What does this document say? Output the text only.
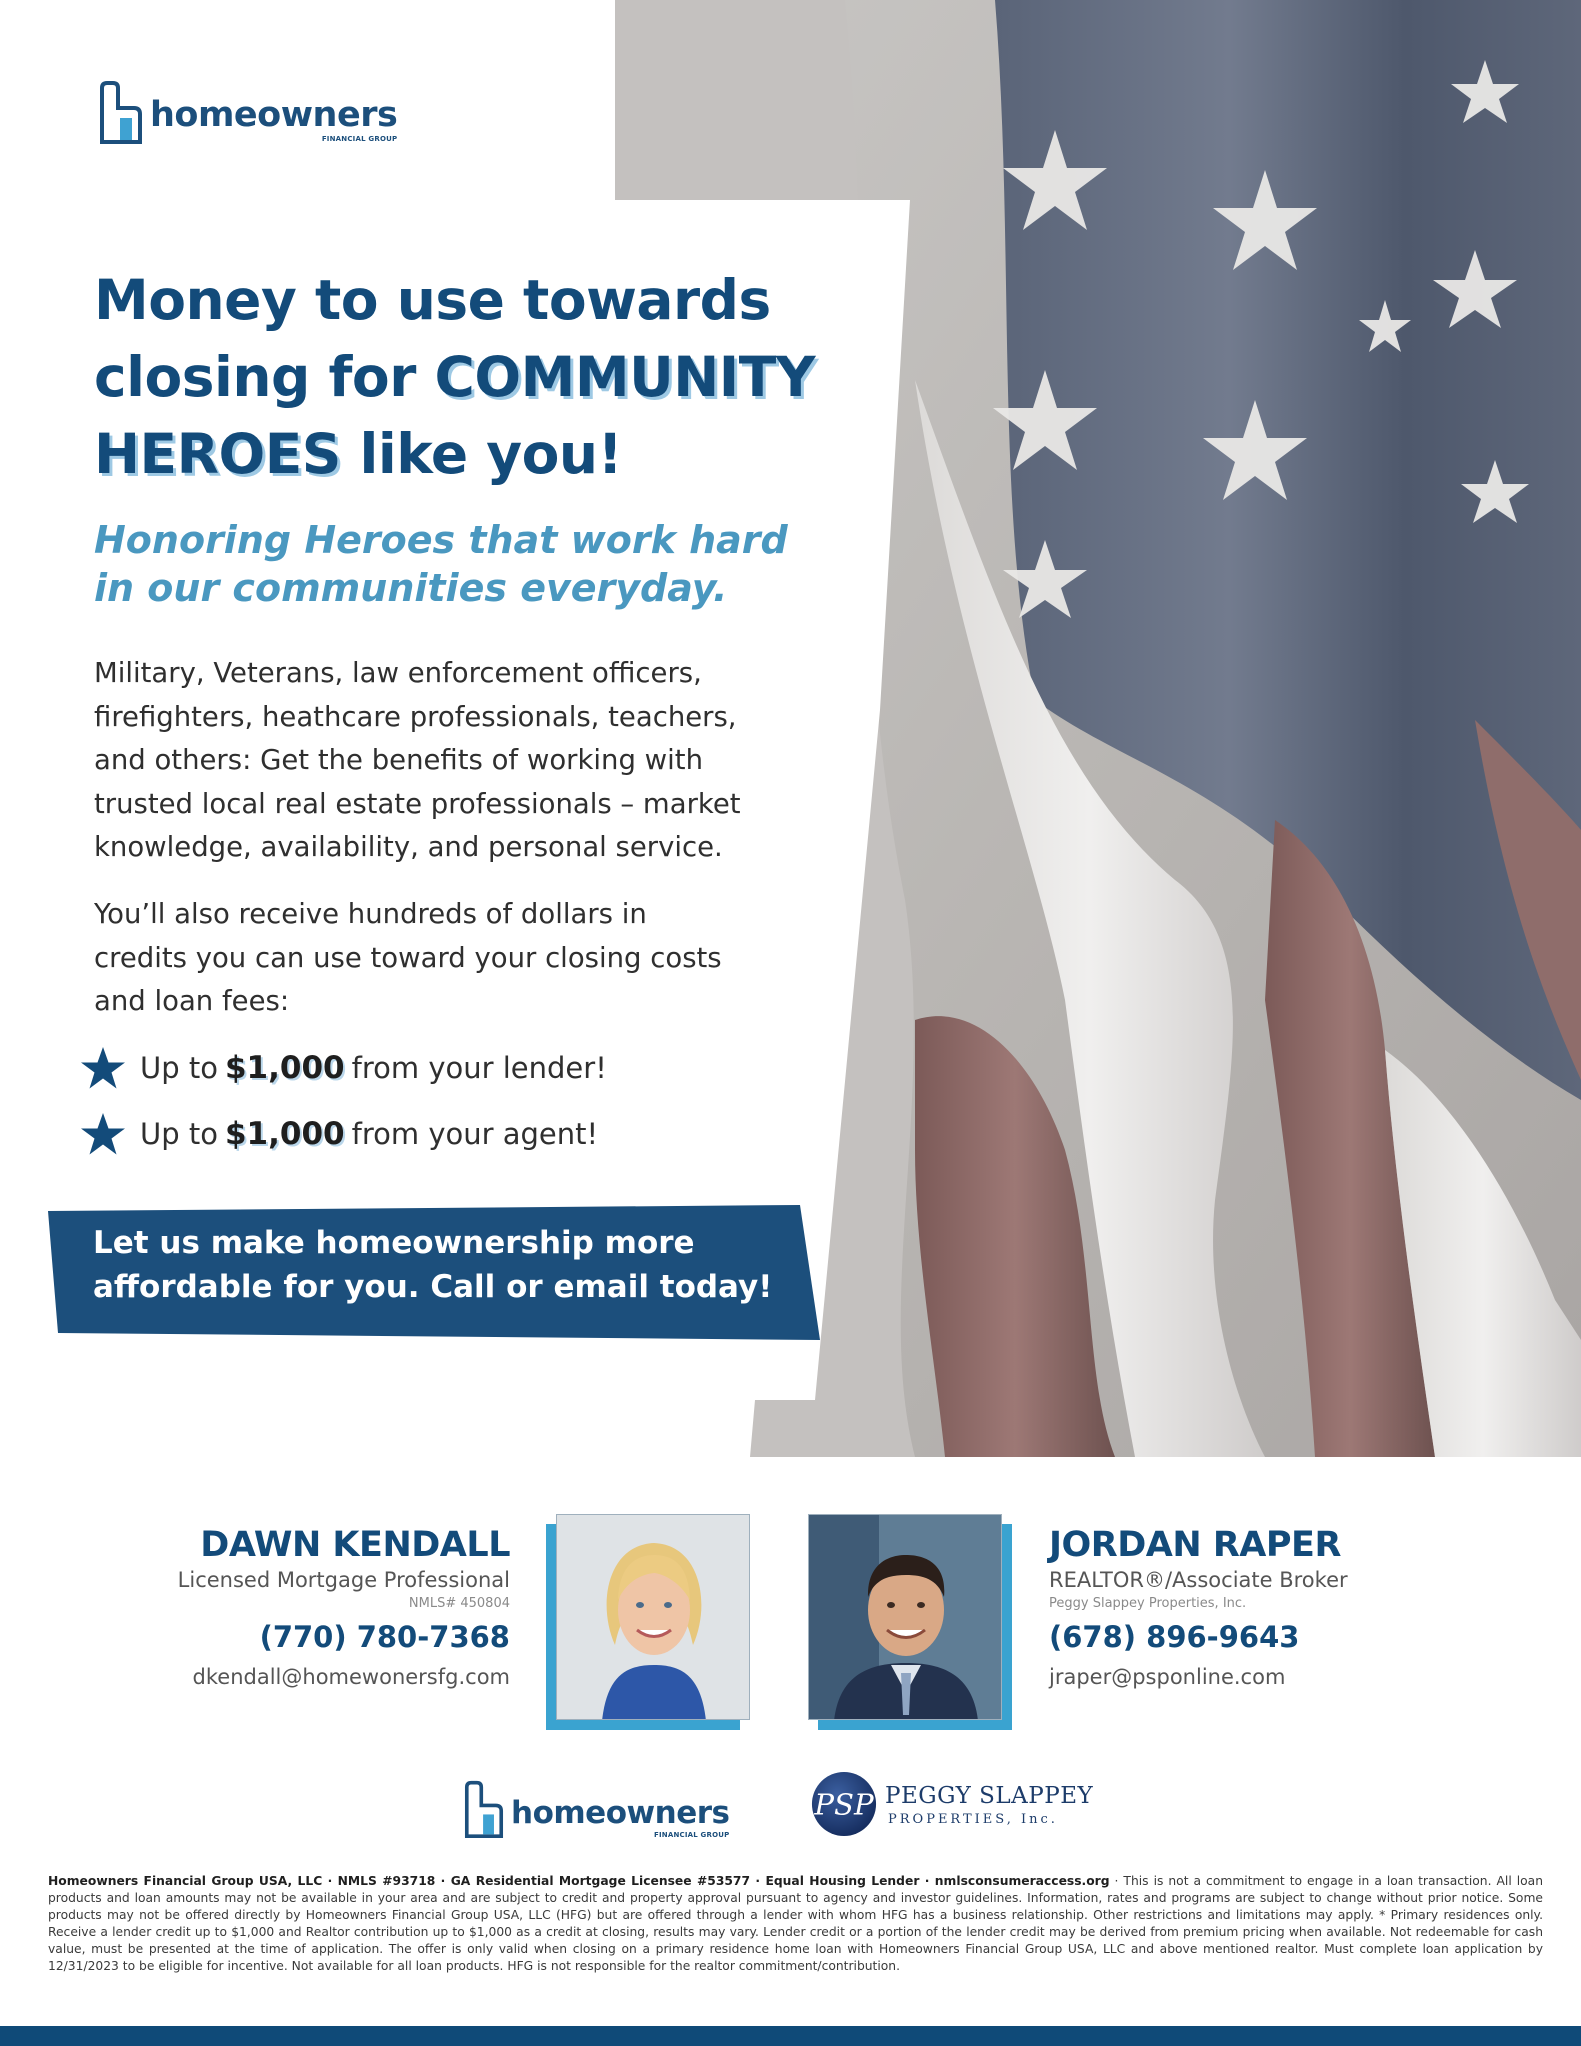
homeowners
FINANCIAL GROUP
Money to use towards
closing for COMMUNITY
HEROES like you!
Honoring Heroes that work hard
in our communities everyday.
Military, Veterans, law enforcement officers,
firefighters, heathcare professionals, teachers,
and others: Get the benefits of working with
trusted local real estate professionals – market
knowledge, availability, and personal service.
You’ll also receive hundreds of dollars in
credits you can use toward your closing costs
and loan fees:
Up to $1,000 from your lender!
Up to $1,000 from your agent!
Let us make homeownership more
affordable for you. Call or email today!
DAWN KENDALL
Licensed Mortgage Professional
NMLS# 450804
(770) 780-7368
dkendall@homewonersfg.com
JORDAN RAPER
REALTOR®/Associate Broker
Peggy Slappey Properties, Inc.
(678) 896-9643
jraper@psponline.com
homeowners
FINANCIAL GROUP
PSP PEGGY SLAPPEY
PROPERTIES, Inc.
Homeowners Financial Group USA, LLC · NMLS #93718 · GA Residential Mortgage Licensee #53577 · Equal Housing Lender · nmlsconsumeraccess.org · This is not a commitment to engage in a loan transaction. All loan products and loan amounts may not be available in your area and are subject to credit and property approval pursuant to agency and investor guidelines. Information, rates and programs are subject to change without prior notice. Some products may not be offered directly by Homeowners Financial Group USA, LLC (HFG) but are offered through a lender with whom HFG has a business relationship. Other restrictions and limitations may apply. * Primary residences only. Receive a lender credit up to $1,000 and Realtor contribution up to $1,000 as a credit at closing, results may vary. Lender credit or a portion of the lender credit may be derived from premium pricing when available. Not redeemable for cash value, must be presented at the time of application. The offer is only valid when closing on a primary residence home loan with Homeowners Financial Group USA, LLC and above mentioned realtor. Must complete loan application by 12/31/2023 to be eligible for incentive. Not available for all loan products. HFG is not responsible for the realtor commitment/contribution.
